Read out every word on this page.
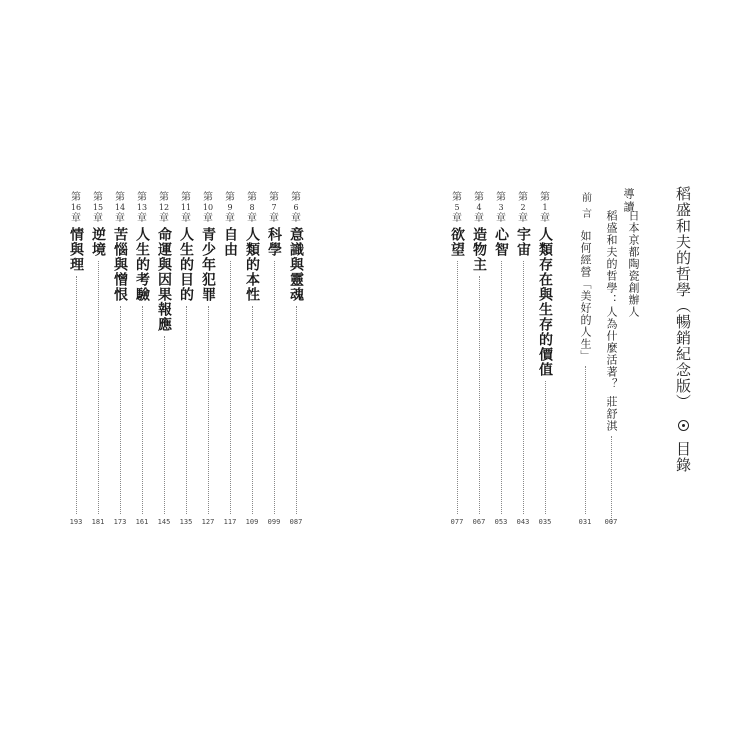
稻盛和夫的哲學（暢銷紀念版）  目錄
導讀
日本京都陶瓷創辦人
稻盛和夫的哲學：人為什麼活著？
莊舒淇
007
前言
如何經營「美好的人生」
031
第
1
章
人類存在與生存的價值
035
第
2
章
宇宙
043
第
3
章
心智
053
第
4
章
造物主
067
第
5
章
欲望
077
第
6
章
意識與靈魂
087
第
7
章
科學
099
第
8
章
人類的本性
109
第
9
章
自由
117
第
10
章
青少年犯罪
127
第
11
章
人生的目的
135
第
12
章
命運與因果報應
145
第
13
章
人生的考驗
161
第
14
章
苦惱與憎恨
173
第
15
章
逆境
181
第
16
章
情與理
193
